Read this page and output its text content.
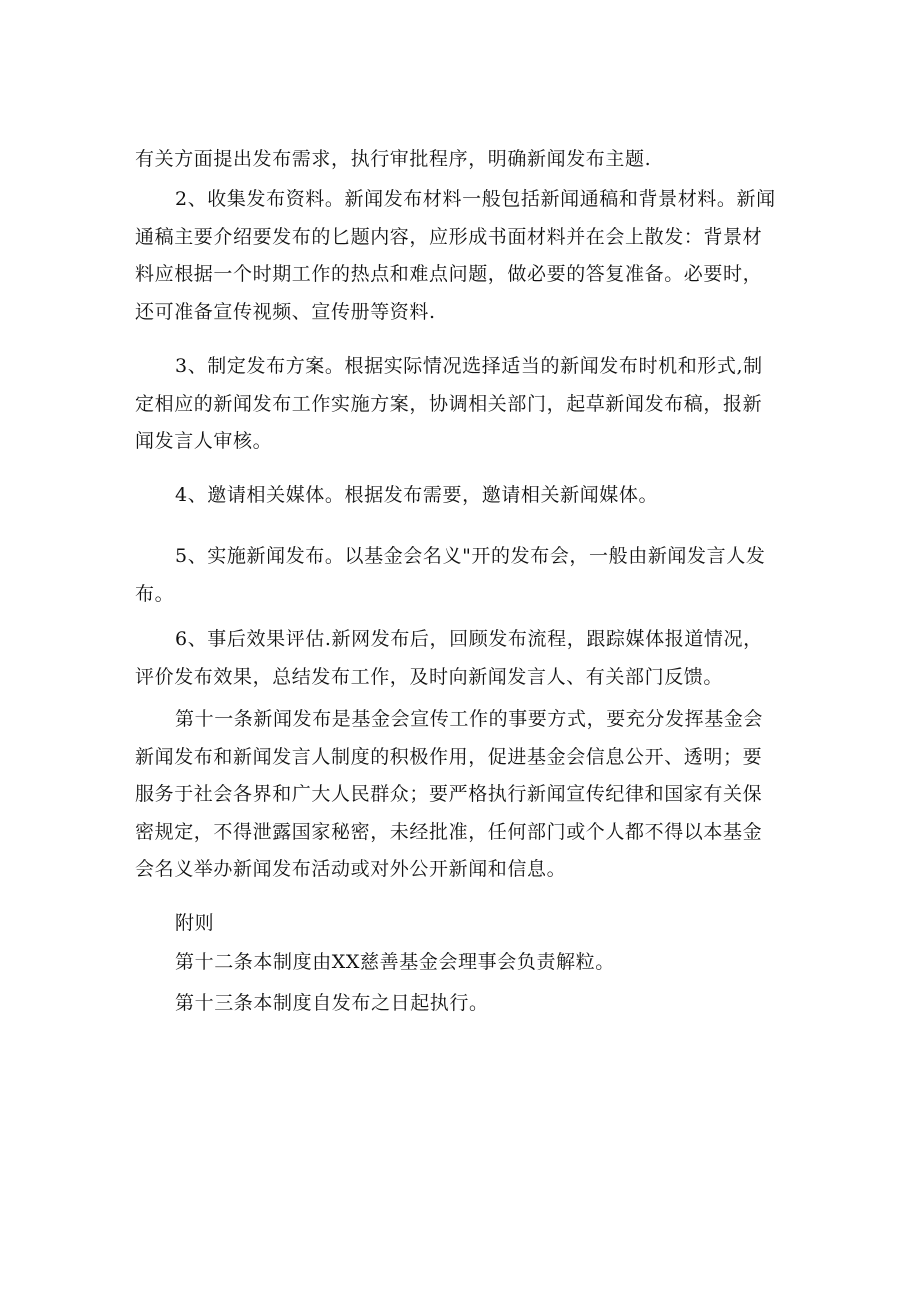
有关方面提出发布需求，执行审批程序，明确新闻发布主题.
2、收集发布资料。新闻发布材料一般包括新闻通稿和背景材料。新闻
通稿主要介绍要发布的匕题内容，应形成书面材料并在会上散发：背景材
料应根据一个时期工作的热点和难点问题，做必要的答复准备。必要时，
还可准备宣传视频、宣传册等资料.
3、制定发布方案。根据实际情况选择适当的新闻发布时机和形式,制
定相应的新闻发布工作实施方案，协调相关部门，起草新闻发布稿，报新
闻发言人审核。
4、邀请相关媒体。根据发布需要，邀请相关新闻媒体。
5、实施新闻发布。以基金会名义"开的发布会，一般由新闻发言人发
布。
6、事后效果评估.新网发布后，回顾发布流程，跟踪媒体报道情况，
评价发布效果，总结发布工作，及时向新闻发言人、有关部门反馈。
第十一条新闻发布是基金会宣传工作的事要方式，要充分发挥基金会
新闻发布和新闻发言人制度的积极作用，促进基金会信息公开、透明；要
服务于社会各界和广大人民群众；要严格执行新闻宣传纪律和国家有关保
密规定，不得泄露国家秘密，未经批准，任何部门或个人都不得以本基金
会名义举办新闻发布活动或对外公开新闻和信息。
附则
第十二条本制度由XX慈善基金会理事会负责解粒。
第十三条本制度自发布之日起执行。
